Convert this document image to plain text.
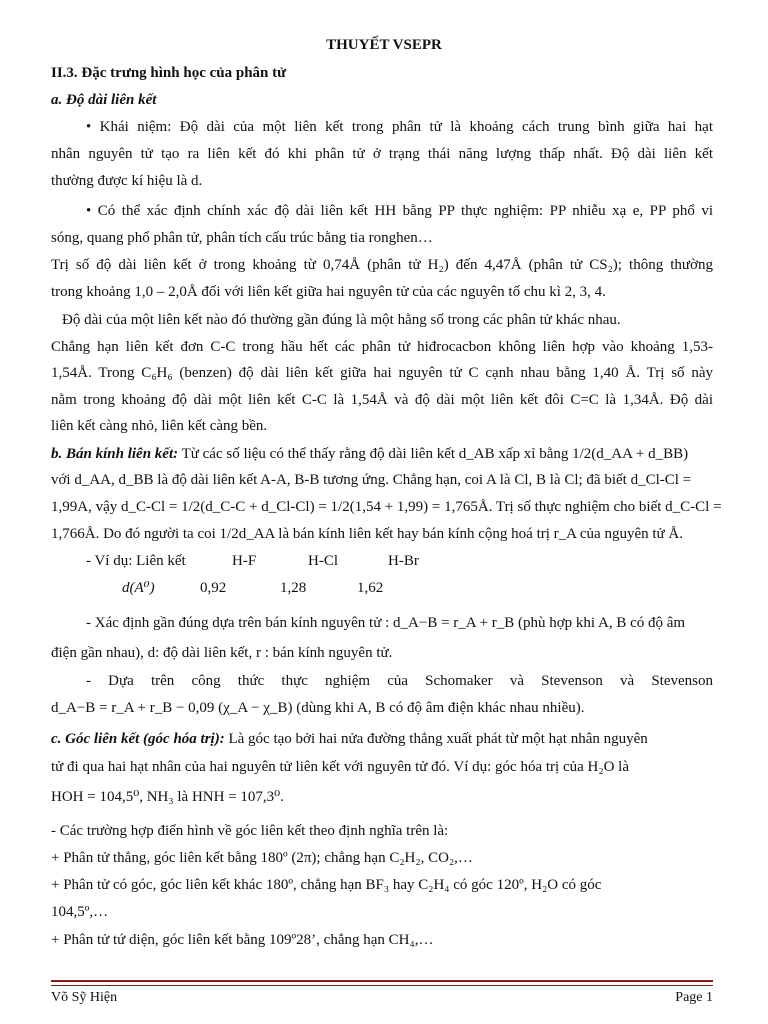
THUYẾT VSEPR
II.3. Đặc trưng hình học của phân tử
a. Độ dài liên kết
• Khái niệm: Độ dài của một liên kết trong phân tử là khoảng cách trung bình giữa hai hạt
nhân nguyên tử tạo ra liên kết đó khi phân tử ở trạng thái năng lượng thấp nhất. Độ dài liên kết
thường được kí hiệu là d.
• Có thể xác định chính xác độ dài liên kết HH bằng PP thực nghiệm: PP nhiễu xạ e, PP phổ vi
sóng, quang phổ phân tử, phân tích cấu trúc bằng tia ronghen…
Trị số độ dài liên kết ở trong khoảng từ 0,74Å (phân tử H₂) đến 4,47Å (phân tử CS₂); thông thường
trong khoảng 1,0 – 2,0Å đối với liên kết giữa hai nguyên tử của các nguyên tố chu kì 2, 3, 4.
Độ dài của một liên kết nào đó thường gần đúng là một hằng số trong các phân tử khác nhau.
Chẳng hạn liên kết đơn C-C trong hầu hết các phân tử hiđrocacbon không liên hợp vào khoảng 1,53-
1,54Å. Trong C₆H₆ (benzen) độ dài liên kết giữa hai nguyên tử C cạnh nhau bằng 1,40 Å. Trị số này
nằm trong khoảng độ dài một liên kết C-C là 1,54Å và độ dài một liên kết đôi C=C là 1,34Å. Độ dài
liên kết càng nhỏ, liên kết càng bền.
b. Bán kính liên kết: Từ các số liệu có thể thấy rằng độ dài liên kết d_AB xấp xỉ bằng 1/2(d_AA + d_BB)
với d_AA, d_BB là độ dài liên kết A-A, B-B tương ứng. Chẳng hạn, coi A là Cl, B là Cl; đã biết d_Cl-Cl =
1,99A, vậy d_C-Cl = 1/2(d_C-C + d_Cl-Cl) = 1/2(1,54 + 1,99) = 1,765Å. Trị số thực nghiệm cho biết d_C-Cl =
1,766Å. Do đó người ta coi 1/2d_AA là bán kính liên kết hay bán kính cộng hoá trị r_A của nguyên tử Å.
- Ví dụ: Liên kết	H-F	H-Cl	H-Br
d(A⁰)	0,92	1,28	1,62
- Xác định gần đúng dựa trên bán kính nguyên tử : d_A−B = r_A + r_B (phù hợp khi A, B có độ âm
điện gần nhau), d: độ dài liên kết, r : bán kính nguyên tử.
- Dựa trên công thức thực nghiệm của Schomaker và Stevenson và Stevenson
d_A−B = r_A + r_B − 0,09 (χ_A − χ_B) (dùng khi A, B có độ âm điện khác nhau nhiều).
c. Góc liên kết (góc hóa trị): Là góc tạo bởi hai nửa đường thẳng xuất phát từ một hạt nhân nguyên
tử đi qua hai hạt nhân của hai nguyên tử liên kết với nguyên tử đó. Ví dụ: góc hóa trị của H₂O là
HOH = 104,5⁰, NH₃ là HNH = 107,3⁰.
- Các trường hợp điển hình về góc liên kết theo định nghĩa trên là:
+ Phân tử thẳng, góc liên kết bằng 180º (2π); chẳng hạn C₂H₂, CO₂,…
+ Phân tử có góc, góc liên kết khác 180º, chẳng hạn BF₃ hay C₂H₄ có góc 120º, H₂O có góc
104,5º,…
+ Phân tử tứ diện, góc liên kết bằng 109º28’, chẳng hạn CH₄,…
Võ Sỹ Hiện	Page 1
